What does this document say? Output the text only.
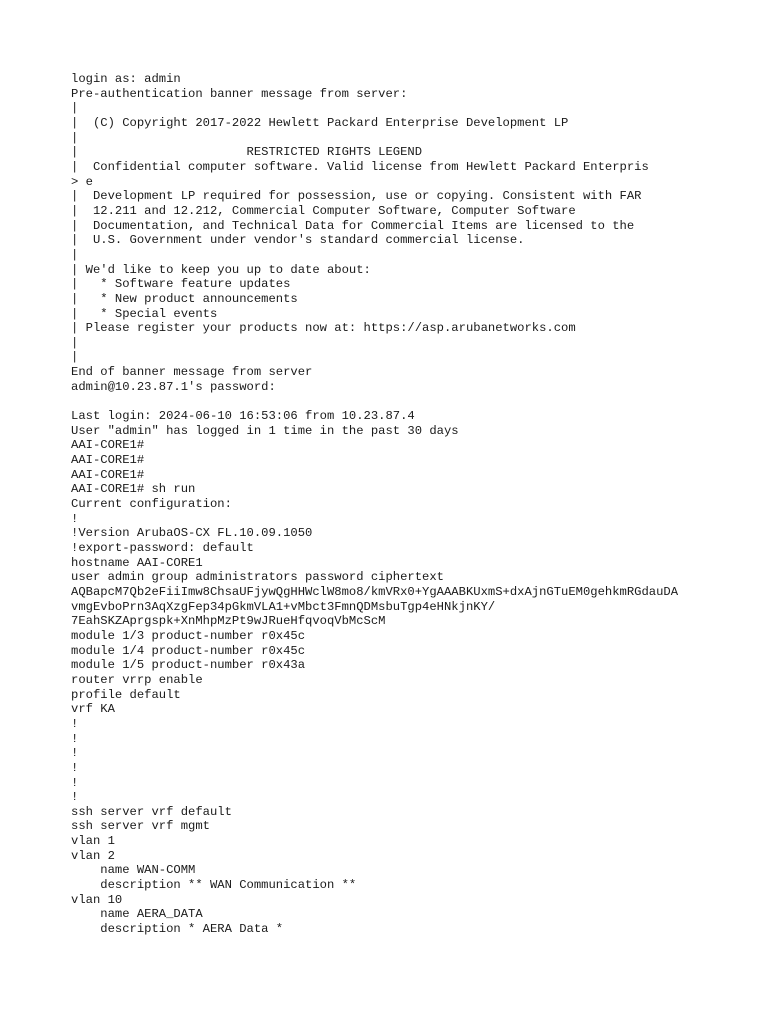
login as: admin
Pre-authentication banner message from server:
|
|  (C) Copyright 2017-2022 Hewlett Packard Enterprise Development LP
|
|                       RESTRICTED RIGHTS LEGEND
|  Confidential computer software. Valid license from Hewlett Packard Enterpris
> e
|  Development LP required for possession, use or copying. Consistent with FAR
|  12.211 and 12.212, Commercial Computer Software, Computer Software
|  Documentation, and Technical Data for Commercial Items are licensed to the
|  U.S. Government under vendor's standard commercial license.
|
| We'd like to keep you up to date about:
|   * Software feature updates
|   * New product announcements
|   * Special events
| Please register your products now at: https://asp.arubanetworks.com
|
|
End of banner message from server
admin@10.23.87.1's password:
Last login: 2024-06-10 16:53:06 from 10.23.87.4
User "admin" has logged in 1 time in the past 30 days
AAI-CORE1#
AAI-CORE1#
AAI-CORE1#
AAI-CORE1# sh run
Current configuration:
!
!Version ArubaOS-CX FL.10.09.1050
!export-password: default
hostname AAI-CORE1
user admin group administrators password ciphertext
AQBapcM7Qb2eFiiImw8ChsaUFjywQgHHWclW8mo8/kmVRx0+YgAAABKUxmS+dxAjnGTuEM0gehkmRGdauDA
vmgEvboPrn3AqXzgFep34pGkmVLA1+vMbct3FmnQDMsbuTgp4eHNkjnKY/
7EahSKZAprgspk+XnMhpMzPt9wJRueHfqvoqVbMcScM
module 1/3 product-number r0x45c
module 1/4 product-number r0x45c
module 1/5 product-number r0x43a
router vrrp enable
profile default
vrf KA
!
!
!
!
!
!
ssh server vrf default
ssh server vrf mgmt
vlan 1
vlan 2
name WAN-COMM
description ** WAN Communication **
vlan 10
name AERA_DATA
description * AERA Data *
